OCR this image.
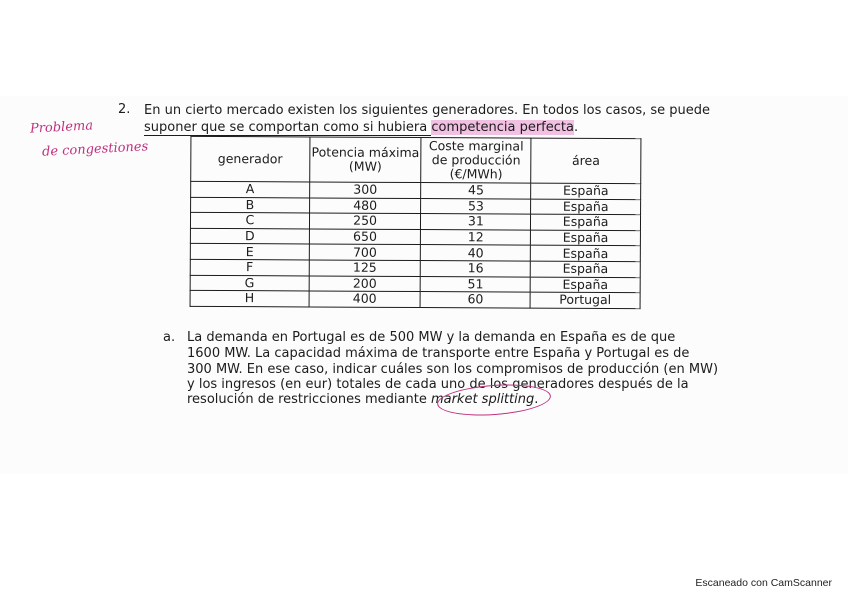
Problema
de congestiones
2. En un cierto mercado existen los siguientes generadores. En todos los casos, se puede
suponer que se comportan como si hubiera competencia perfecta.
generador	Potencia máxima (MW)	Coste marginal de producción (€/MWh)	área
A	300	45	España
B	480	53	España
C	250	31	España
D	650	12	España
E	700	40	España
F	125	16	España
G	200	51	España
H	400	60	Portugal
a. La demanda en Portugal es de 500 MW y la demanda en España es de que
1600 MW. La capacidad máxima de transporte entre España y Portugal es de
300 MW. En ese caso, indicar cuáles son los compromisos de producción (en MW)
y los ingresos (en eur) totales de cada uno de los generadores después de la
resolución de restricciones mediante market splitting.
Escaneado con CamScanner
